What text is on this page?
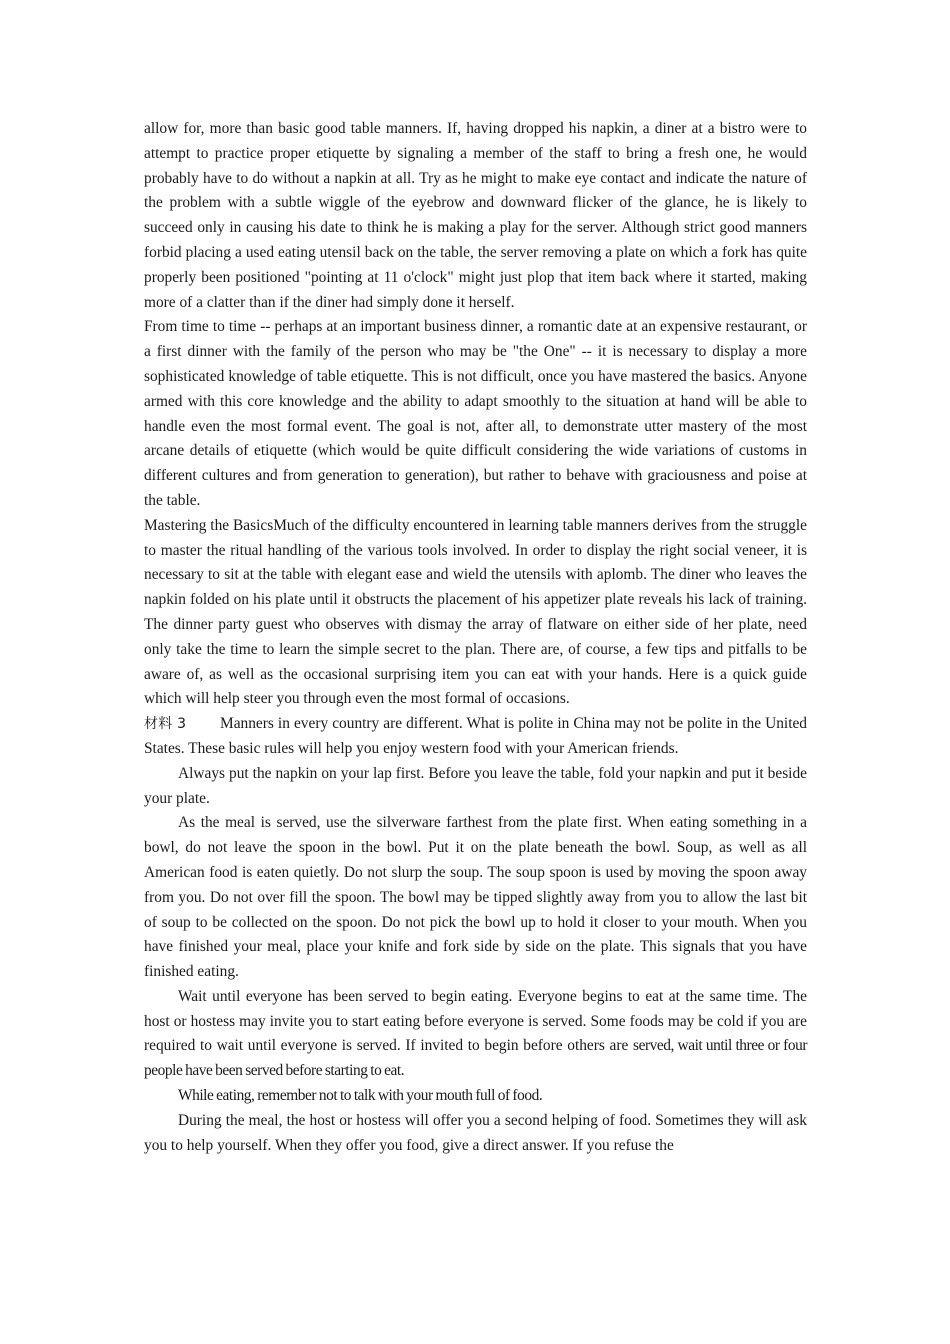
allow for, more than basic good table manners. If, having dropped his napkin, a diner at a bistro were to attempt to practice proper etiquette by signaling a member of the staff to bring a fresh one, he would probably have to do without a napkin at all. Try as he might to make eye contact and indicate the nature of the problem with a subtle wiggle of the eyebrow and downward flicker of the glance, he is likely to succeed only in causing his date to think he is making a play for the server. Although strict good manners forbid placing a used eating utensil back on the table, the server removing a plate on which a fork has quite properly been positioned "pointing at 11 o'clock" might just plop that item back where it started, making more of a clatter than if the diner had simply done it herself.

From time to time -- perhaps at an important business dinner, a romantic date at an expensive restaurant, or a first dinner with the family of the person who may be "the One" -- it is necessary to display a more sophisticated knowledge of table etiquette. This is not difficult, once you have mastered the basics. Anyone armed with this core knowledge and the ability to adapt smoothly to the situation at hand will be able to handle even the most formal event. The goal is not, after all, to demonstrate utter mastery of the most arcane details of etiquette (which would be quite difficult considering the wide variations of customs in different cultures and from generation to generation), but rather to behave with graciousness and poise at the table.

Mastering the BasicsMuch of the difficulty encountered in learning table manners derives from the struggle to master the ritual handling of the various tools involved. In order to display the right social veneer, it is necessary to sit at the table with elegant ease and wield the utensils with aplomb. The diner who leaves the napkin folded on his plate until it obstructs the placement of his appetizer plate reveals his lack of training. The dinner party guest who observes with dismay the array of flatware on either side of her plate, need only take the time to learn the simple secret to the plan. There are, of course, a few tips and pitfalls to be aware of, as well as the occasional surprising item you can eat with your hands. Here is a quick guide which will help steer you through even the most formal of occasions.

材料 3 Manners in every country are different. What is polite in China may not be polite in the United States. These basic rules will help you enjoy western food with your American friends.

Always put the napkin on your lap first. Before you leave the table, fold your napkin and put it beside your plate.

As the meal is served, use the silverware farthest from the plate first. When eating something in a bowl, do not leave the spoon in the bowl. Put it on the plate beneath the bowl. Soup, as well as all American food is eaten quietly. Do not slurp the soup. The soup spoon is used by moving the spoon away from you. Do not over fill the spoon. The bowl may be tipped slightly away from you to allow the last bit of soup to be collected on the spoon. Do not pick the bowl up to hold it closer to your mouth. When you have finished your meal, place your knife and fork side by side on the plate. This signals that you have finished eating.

Wait until everyone has been served to begin eating. Everyone begins to eat at the same time. The host or hostess may invite you to start eating before everyone is served. Some foods may be cold if you are required to wait until everyone is served. If invited to begin before others are served, wait until three or four people have been served before starting to eat.

While eating, remember not to talk with your mouth full of food.

During the meal, the host or hostess will offer you a second helping of food. Sometimes they will ask you to help yourself. When they offer you food, give a direct answer. If you refuse the
